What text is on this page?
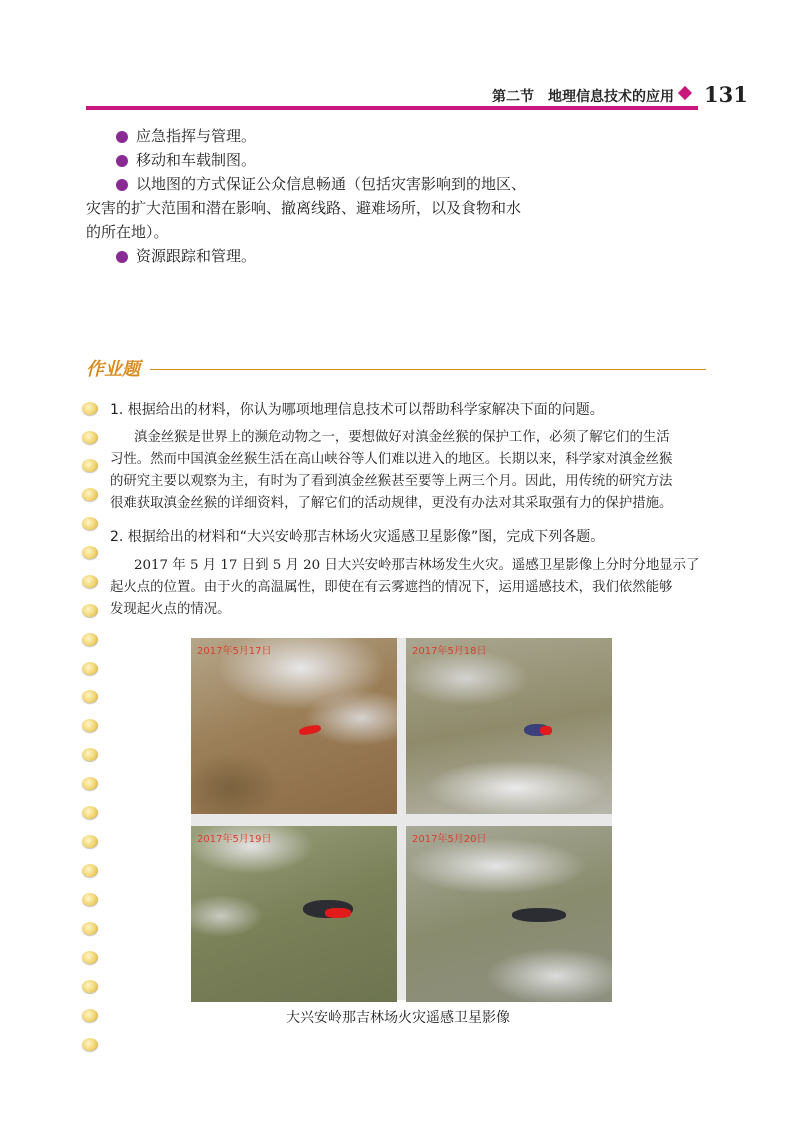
第二节　地理信息技术的应用 131
应急指挥与管理。
移动和车载制图。
以地图的方式保证公众信息畅通（包括灾害影响到的地区、
灾害的扩大范围和潜在影响、撤离线路、避难场所，以及食物和水
的所在地）。
资源跟踪和管理。
作业题
1. 根据给出的材料，你认为哪项地理信息技术可以帮助科学家解决下面的问题。
滇金丝猴是世界上的濒危动物之一，要想做好对滇金丝猴的保护工作，必须了解它们的生活
习性。然而中国滇金丝猴生活在高山峡谷等人们难以进入的地区。长期以来，科学家对滇金丝猴
的研究主要以观察为主，有时为了看到滇金丝猴甚至要等上两三个月。因此，用传统的研究方法
很难获取滇金丝猴的详细资料，了解它们的活动规律，更没有办法对其采取强有力的保护措施。
2. 根据给出的材料和“大兴安岭那吉林场火灾遥感卫星影像”图，完成下列各题。
2017 年 5 月 17 日到 5 月 20 日大兴安岭那吉林场发生火灾。遥感卫星影像上分时分地显示了
起火点的位置。由于火的高温属性，即使在有云雾遮挡的情况下，运用遥感技术，我们依然能够
发现起火点的情况。
2017年5月17日	2017年5月18日
2017年5月19日	2017年5月20日
大兴安岭那吉林场火灾遥感卫星影像
